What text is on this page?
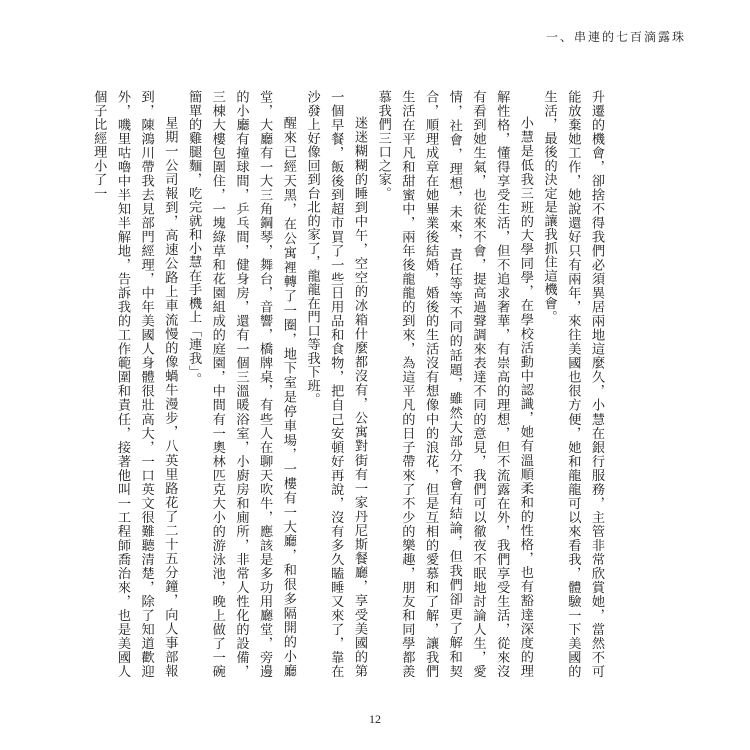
一、串連的七百滴露珠

升遷的機會，卻捨不得我們必須異居兩地這麼久，小慧在銀行服務，主管非常欣賞她，當然不可能放棄她工作，她說還好只有兩年，來往美國也很方便，她和龍龍可以來看我，體驗一下美國的生活，最後的決定是讓我抓住這機會。

小慧是低我三班的大學同學，在學校活動中認識，她有溫順柔和的性格，也有豁達深度的理解性格，懂得享受生活，但不追求奢華，有崇高的理想，但不流露在外，我們享受生活，從來沒有看到她生氣，也從來不會，提高過聲調來表達不同的意見，我們可以徹夜不眠地討論人生，愛情，社會，理想，未來，責任等等不同的話題，雖然大部分不會有結論，但我們卻更了解和契合，順理成章在她畢業後結婚，婚後的生活沒有想像中的浪花，但是互相的愛慕和了解，讓我們生活在平凡和甜蜜中，兩年後龍龍的到來，為這平凡的日子帶來了不少的樂趣，朋友和同學都羨慕我們三口之家。

迷迷糊糊的睡到中午，空空的冰箱什麼都沒有，公寓對街有一家丹尼斯餐廳，享受美國的第一個早餐，飯後到超市買了一些日用品和食物，把自己安頓好再說，沒有多久瞌睡又來了，靠在沙發上好像回到台北的家了，龍龍在門口等我下班。

醒來已經天黑，在公寓裡轉了一圈，地下室是停車場，一樓有一大廳，和很多隔開的小廳堂，大廳有一大三角鋼琴，舞台，音響，橋牌桌，有些人在聊天吹牛，應該是多功用廳堂，旁邊的小廳有撞球間，乒乓間，健身房，還有一個三溫暖浴室，小廚房和廁所，非常人性化的設備，三棟大樓包圍住，一塊綠草和花園組成的庭園，中間有一奧林匹克大小的游泳池，晚上做了一碗簡單的雞腿麵，吃完就和小慧在手機上「連我」。

星期一公司報到，高速公路上車流慢的像蝸牛漫步，八英里路花了二十五分鐘，向人事部報到，陳鴻川帶我去見部門經理，中年美國人身體很壯高大，一口英文很難聽清楚，除了知道歡迎外，嘰里咕嚕中半知半解地，告訴我的工作範圍和責任，接著他叫一工程師喬治來，也是美國人個子比經理小了一

12
